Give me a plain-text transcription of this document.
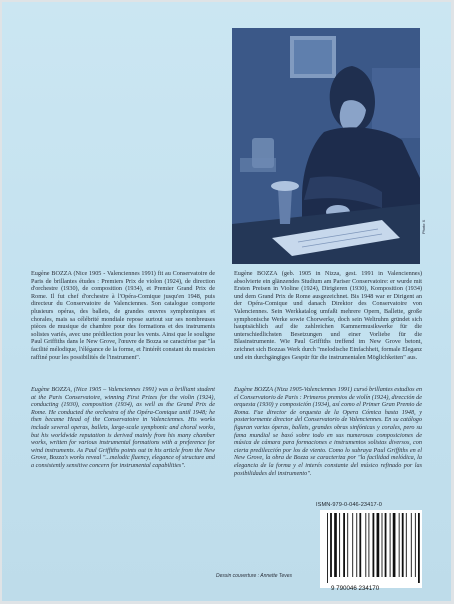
Photo X
Eugène BOZZA (Nice 1905 - Valenciennes 1991) fit au Conservatoire de Paris de brillantes études : Premiers Prix de violon (1924), de direction d'orchestre (1930), de composition (1934), et Premier Grand Prix de Rome. Il fut chef d'orchestre à l'Opéra-Comique jusqu'en 1948, puis directeur du Conservatoire de Valenciennes. Son catalogue comporte plusieurs opéras, des ballets, de grandes œuvres symphoniques et chorales, mais sa célébrité mondiale repose surtout sur ses nombreuses pièces de musique de chambre pour des formations et des instruments solistes variés, avec une prédilection pour les vents. Ainsi que le souligne Paul Griffiths dans le New Grove, l'œuvre de Bozza se caractérise par "la facilité mélodique, l'élégance de la forme, et l'intérêt constant du musicien raffiné pour les possibilités de l'instrument".
Eugène BOZZA, (Nice 1905 – Valenciennes 1991) was a brilliant student at the Paris Conservatoire, winning First Prizes for the violin (1924), conducting (1930), composition (1934), as well as the Grand Prix de Rome. He conducted the orchestra of the Opéra-Comique until 1948; he then became Head of the Conservatoire in Valenciennes. His works include several operas, ballets, large-scale symphonic and choral works, but his worldwide reputation is derived mainly from his many chamber works, written for various instrumental formations with a preference for wind instruments. As Paul Griffiths points out in his article from the New Grove, Bozza's works reveal "...melodic fluency, elegance of structure and a consistently sensitive concern for instrumental capabilities".
Eugène BOZZA (geb. 1905 in Nizza, gest. 1991 in Valenciennes) absolvierte ein glänzendes Studium am Pariser Conservatoire: er wurde mit Ersten Preisen in Violine (1924), Dirigieren (1930), Komposition (1934) und dem Grand Prix de Rome ausgezeichnet. Bis 1948 war er Dirigent an der Opéra-Comique und danach Direktor des Conservatoire von Valenciennes. Sein Werkkatalog umfaßt mehrere Opern, Ballette, große symphonische Werke sowie Chorwerke, doch sein Weltruhm gründet sich hauptsächlich auf die zahlreichen Kammermusikwerke für die unterschiedlichsten Besetzungen und einer Vorliebe für die Blasinstrumente. Wie Paul Griffiths treffend im New Grove betont, zeichnet sich Bozzas Werk durch "melodische Einfachheit, formale Eleganz und ein durchgängiges Gespür für die instrumentalen Möglichkeiten" aus.
Eugène BOZZA (Niza 1905-Valenciennes 1991) cursó brillantes estudios en el Conservatorio de Paris : Primeros premios de violín (1924), dirección de orquesta (1930) y composición (1934), así como el Primer Gran Premio de Roma. Fue director de orquesta de la Opera Cómica hasta 1948, y posteriormente director del Conservatorio de Valenciennes. En su catálogo figuran varias óperas, ballets, grandes obras sinfónicas y corales, pero su fama mundial se basó sobre todo en sus numerosas composiciones de música de cámara para formaciones e instrumentos solistas diversos, con cierta predilección por los de viento. Como lo subraya Paul Griffiths en el New Grove, la obra de Bozza se caracteriza por "la facilidad melódica, la elegancia de la forma y el interés constante del músico refinado por las posibilidades del instrumento".
Dessin couverture : Annette Teves
ISMN-979-0-046-23417-0
9 790046 234170
